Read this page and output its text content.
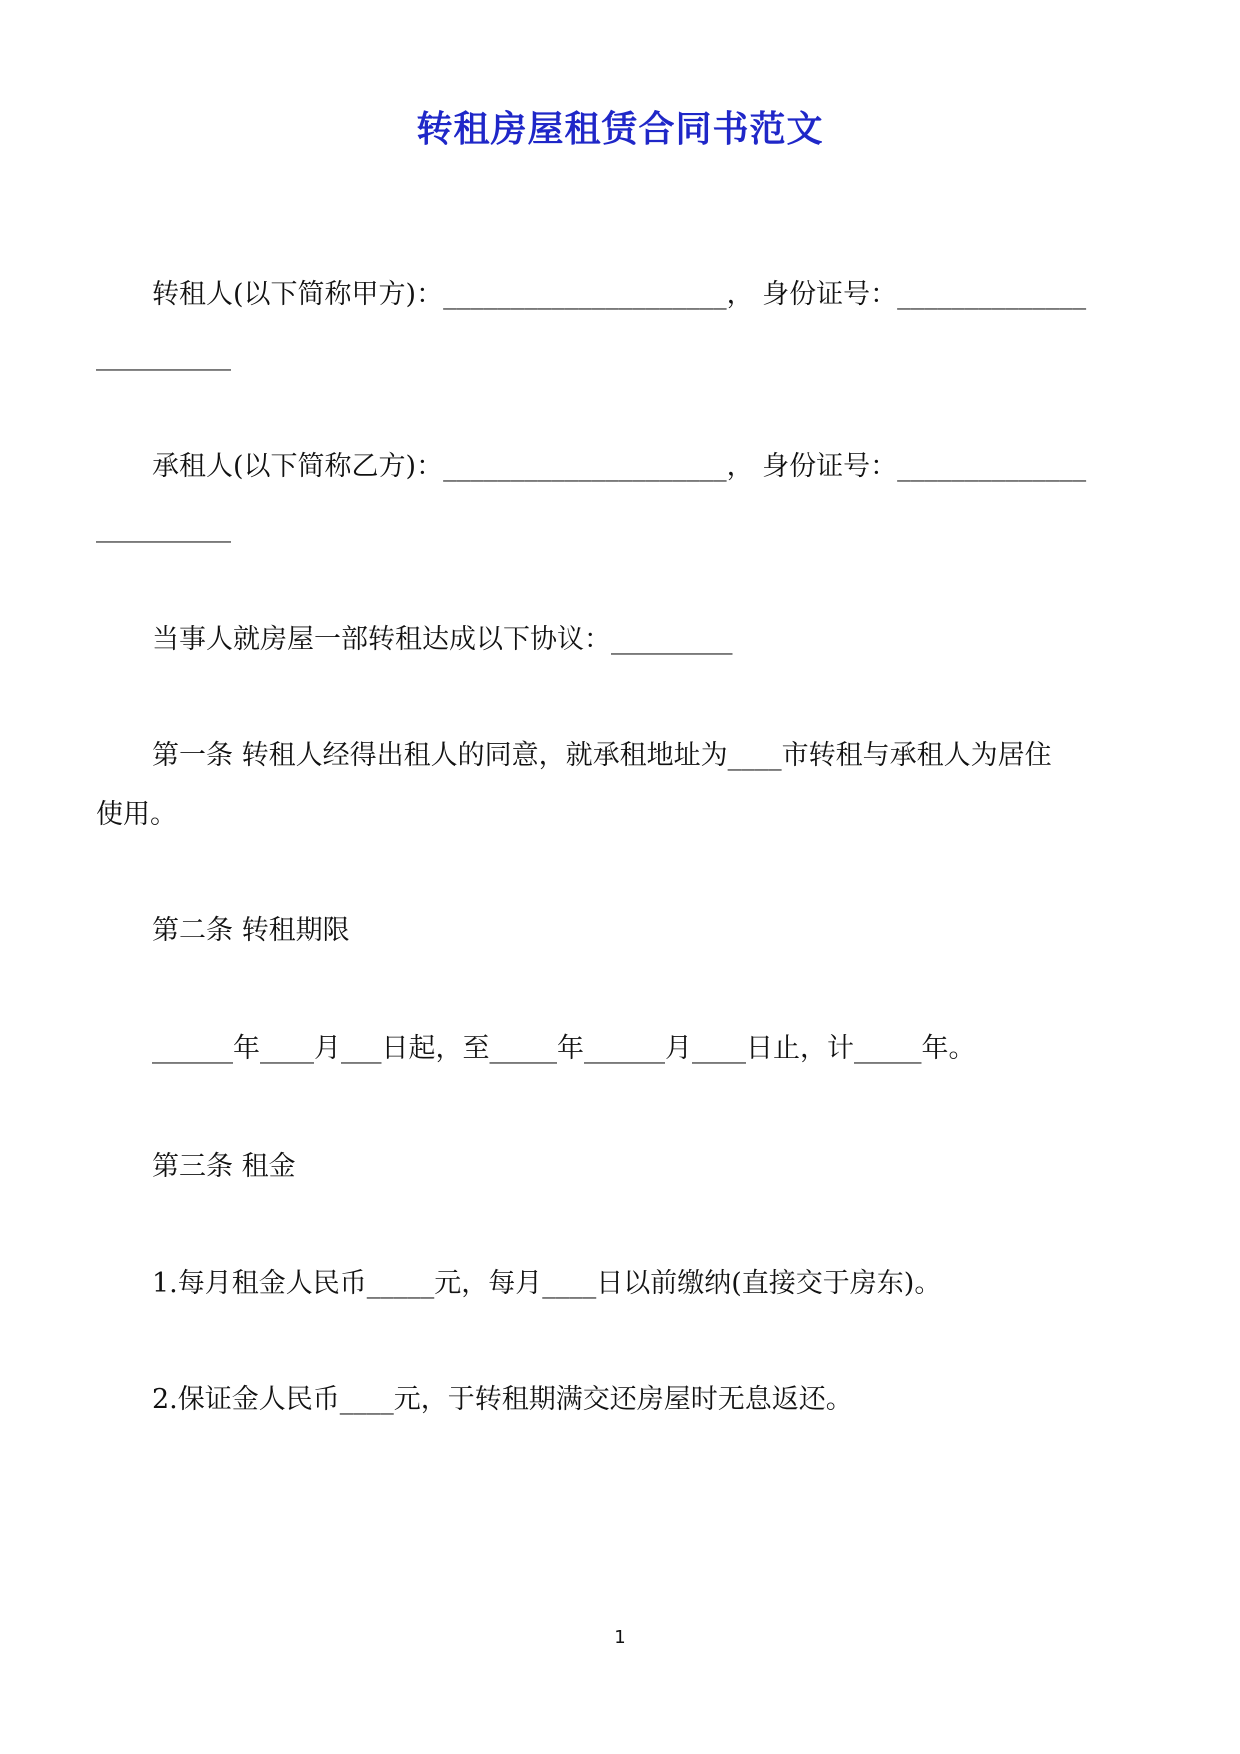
转租房屋租赁合同书范文
转租人(以下简称甲方)：_____________________， 身份证号：______________
__________
承租人(以下简称乙方)：_____________________， 身份证号：______________
__________
当事人就房屋一部转租达成以下协议：_________
第一条 转租人经得出租人的同意，就承租地址为____市转租与承租人为居住
使用。
第二条 转租期限
______年____月___日起，至_____年______月____日止，计_____年。
第三条 租金
1.每月租金人民币_____元，每月____日以前缴纳(直接交于房东)。
2.保证金人民币____元，于转租期满交还房屋时无息返还。
1
